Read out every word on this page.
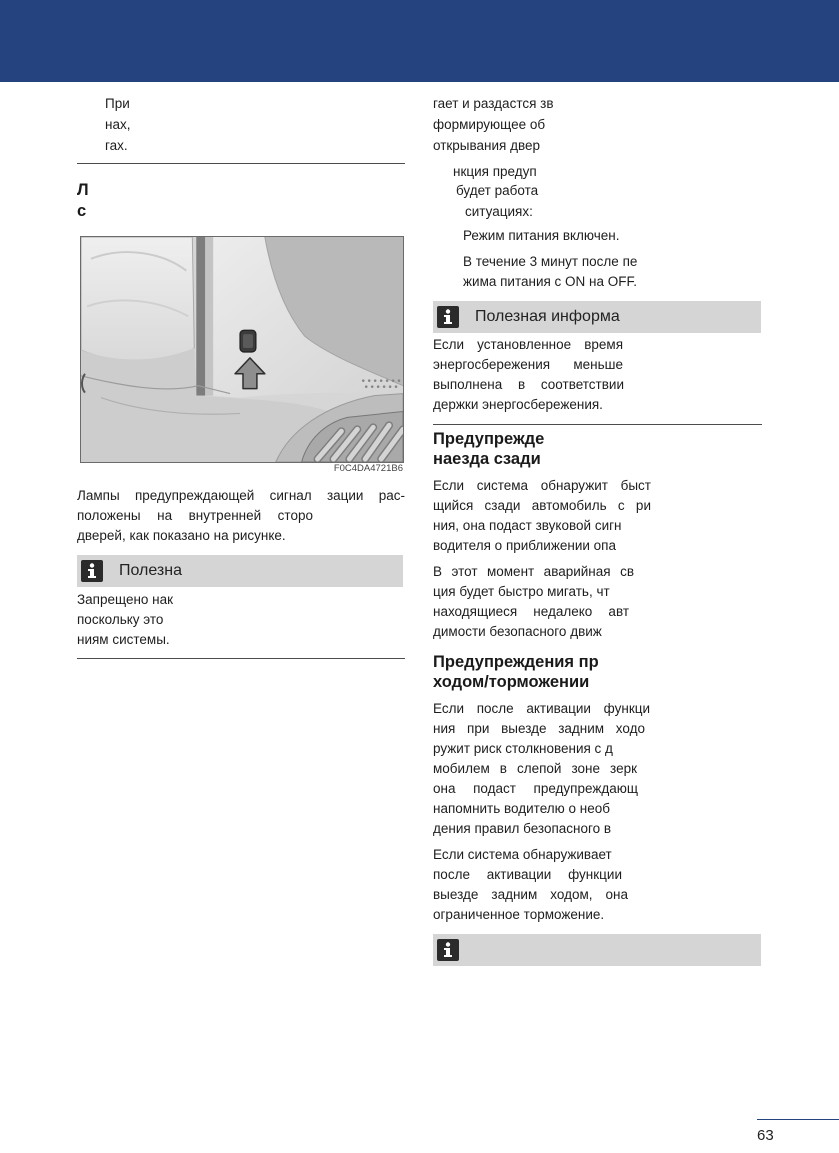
При
нах,
гах.
Л
с
F0C4DA4721B6
Лампы предупреждающей сигнал зации рас-
положены на внутренней сторо
дверей, как показано на рисунке.
Полезна
Запрещено нак
поскольку это
ниям системы.
гает и раздастся зв
формирующее об
открывания двер
нкция предуп
будет работа
ситуациях:
Режим питания включен.
В течение 3 минут после пе
жима питания с ON на OFF.
Полезная информа
Если установленное время
энергосбережения меньше
выполнена в соответствии
держки энергосбережения.
Предупрежде
наезда сзади
Если система обнаружит быст
щийся сзади автомобиль с ри
ния, она подаст звуковой сигн
водителя о приближении опа
В этот момент аварийная св
ция будет быстро мигать, чт
находящиеся недалеко авт
димости безопасного движ
Предупреждения пр
ходом/торможении
Если после активации функци
ния при выезде задним ходо
ружит риск столкновения с д
мобилем в слепой зоне зерк
она подаст предупреждающ
напомнить водителю о необ
дения правил безопасного в
Если система обнаруживает
после активации функции
выезде задним ходом, она
ограниченное торможение.
63
